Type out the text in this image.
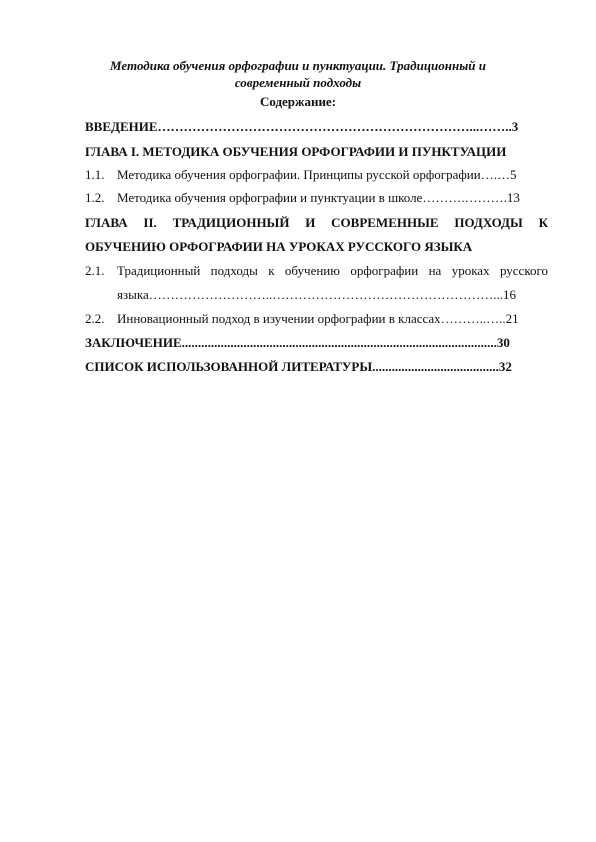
Методика обучения орфографии и пунктуации. Традиционный и современный подходы
Содержание:
ВВЕДЕНИЕ………………………………………………………………...……..3
ГЛАВА I. МЕТОДИКА ОБУЧЕНИЯ ОРФОГРАФИИ И ПУНКТУАЦИИ
1.1. Методика обучения орфографии. Принципы русской орфографии….…5
1.2. Методика обучения орфографии и пунктуации в школе……….……….13
ГЛАВА II. ТРАДИЦИОННЫЙ И СОВРЕМЕННЫЕ ПОДХОДЫ К
ОБУЧЕНИЮ ОРФОГРАФИИ НА УРОКАХ РУССКОГО ЯЗЫКА
2.1. Традиционный подходы к обучению орфографии на уроках русского
языка………………………..……………………………………………...16
2.2. Инновационный подход в изучении орфографии в классах………..…..21
ЗАКЛЮЧЕНИЕ.................................................................................................30
СПИСОК ИСПОЛЬЗОВАННОЙ ЛИТЕРАТУРЫ.......................................32
